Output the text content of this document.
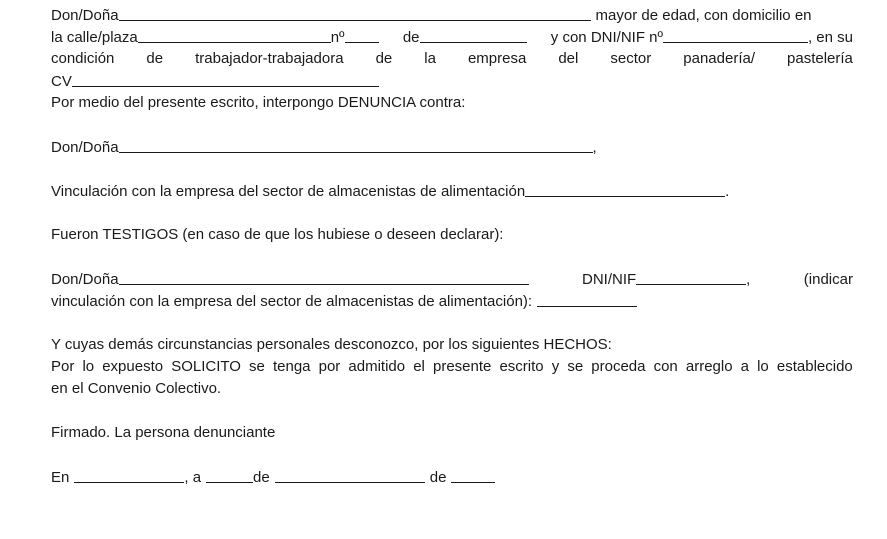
Don/Doña	mayor de edad, con domicilio en
la calle/plaza	nº	de	y con DNI/NIF nº	, en su
condición de trabajador-trabajadora de la empresa del sector panadería/ pastelería
CV
Por medio del presente escrito, interpongo DENUNCIA contra:
Don/Doña	,
Vinculación con la empresa del sector de almacenistas de alimentación	.
Fueron TESTIGOS (en caso de que los hubiese o deseen declarar):
Don/Doña	DNI/NIF	,	(indicar
vinculación con la empresa del sector de almacenistas de alimentación):
Y cuyas demás circunstancias personales desconozco, por los siguientes HECHOS:
Por lo expuesto SOLICITO se tenga por admitido el presente escrito y se proceda con arreglo a lo establecido
en el Convenio Colectivo.
Firmado. La persona denunciante
En	, a	de	de
